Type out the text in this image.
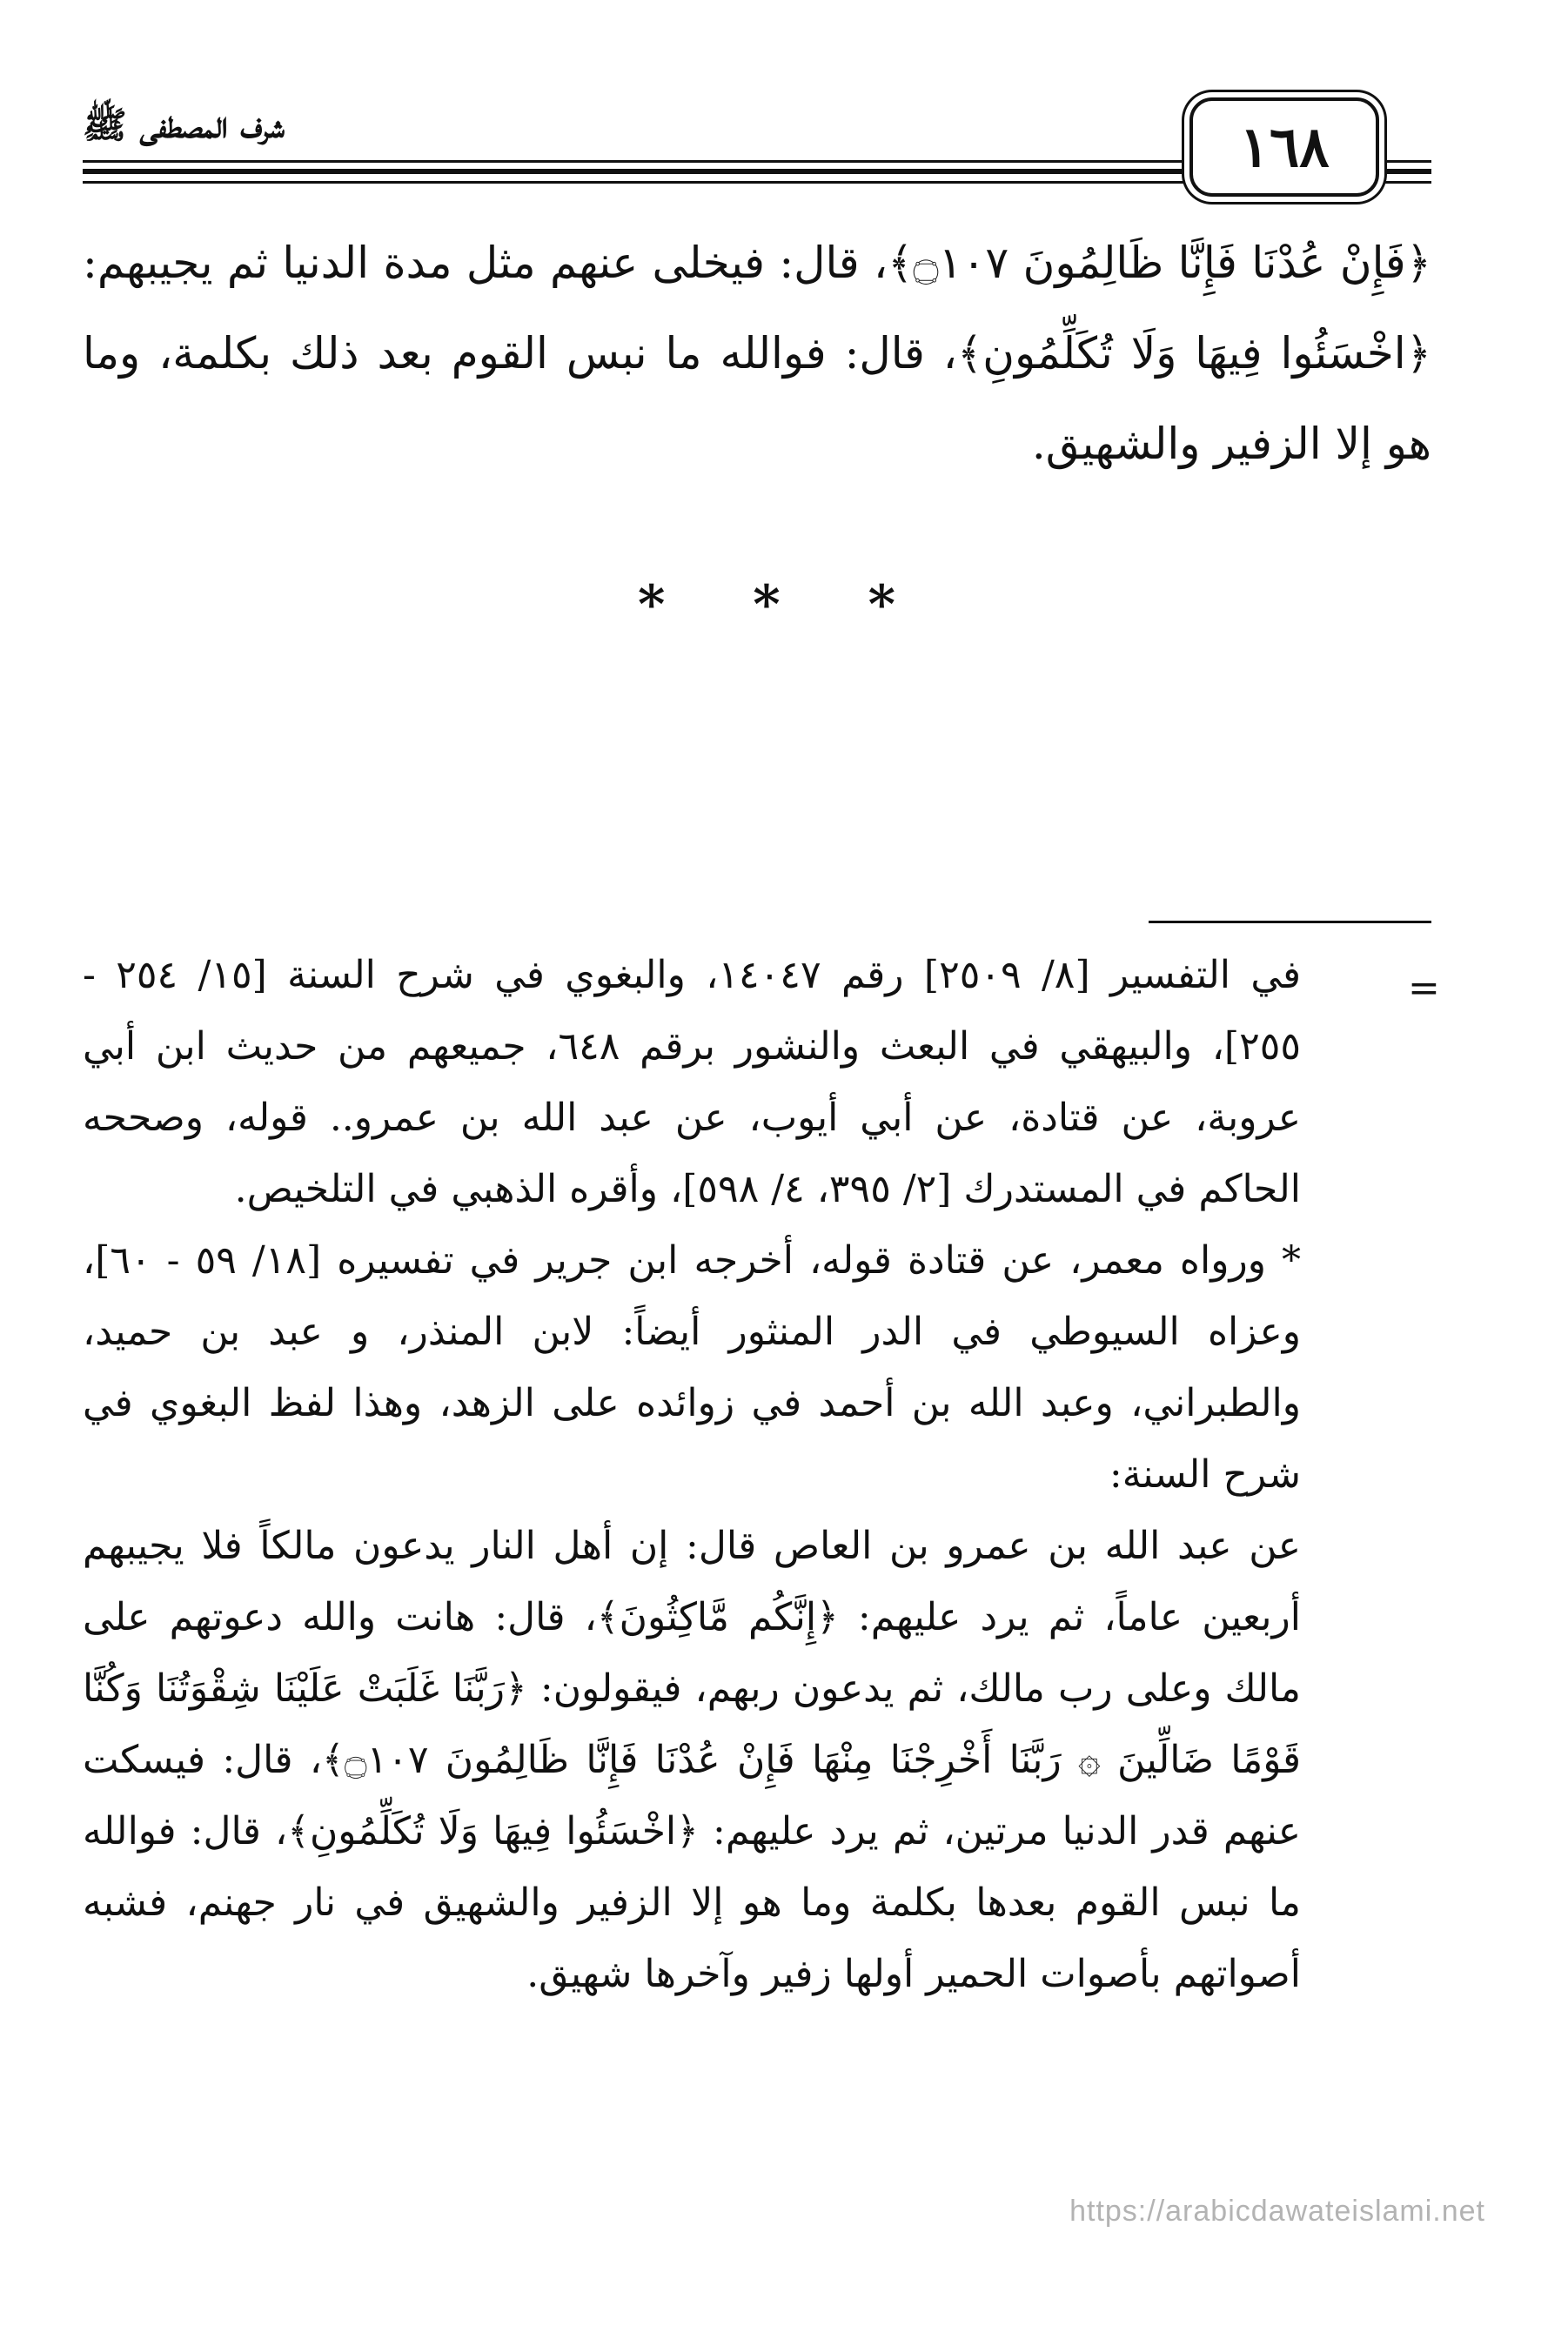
شرف المصطفى ﷺ	١٦٨

﴿فَإِنْ عُدْنَا فَإِنَّا ظَالِمُونَ ۝١٠٧﴾، قال: فيخلى عنهم مثل مدة الدنيا ثم يجيبهم: ﴿اخْسَئُوا فِيهَا وَلَا تُكَلِّمُونِ﴾، قال: فوالله ما نبس القوم بعد ذلك بكلمة، وما هو إلا الزفير والشهيق.

* * *
=

في التفسير [٨/ ٢٥٠٩] رقم ١٤٠٤٧، والبغوي في شرح السنة [١٥/ ٢٥٤ - ٢٥٥]، والبيهقي في البعث والنشور برقم ٦٤٨، جميعهم من حديث ابن أبي عروبة، عن قتادة، عن أبي أيوب، عن عبد الله بن عمرو.. قوله، وصححه الحاكم في المستدرك [٢/ ٣٩٥، ٤/ ٥٩٨]، وأقره الذهبي في التلخيص.

* ورواه معمر، عن قتادة قوله، أخرجه ابن جرير في تفسيره [١٨/ ٥٩ - ٦٠]، وعزاه السيوطي في الدر المنثور أيضاً: لابن المنذر، و عبد بن حميد، والطبراني، وعبد الله بن أحمد في زوائده على الزهد، وهذا لفظ البغوي في شرح السنة:

عن عبد الله بن عمرو بن العاص قال: إن أهل النار يدعون مالكاً فلا يجيبهم أربعين عاماً، ثم يرد عليهم: ﴿إِنَّكُم مَّاكِثُونَ﴾، قال: هانت والله دعوتهم على مالك وعلى رب مالك، ثم يدعون ربهم، فيقولون: ﴿رَبَّنَا غَلَبَتْ عَلَيْنَا شِقْوَتُنَا وَكُنَّا قَوْمًا ضَالِّينَ ۞ رَبَّنَا أَخْرِجْنَا مِنْهَا فَإِنْ عُدْنَا فَإِنَّا ظَالِمُونَ ۝١٠٧﴾، قال: فيسكت عنهم قدر الدنيا مرتين، ثم يرد عليهم: ﴿اخْسَئُوا فِيهَا وَلَا تُكَلِّمُونِ﴾، قال: فوالله ما نبس القوم بعدها بكلمة وما هو إلا الزفير والشهيق في نار جهنم، فشبه أصواتهم بأصوات الحمير أولها زفير وآخرها شهيق.

https://arabicdawateislami.net
